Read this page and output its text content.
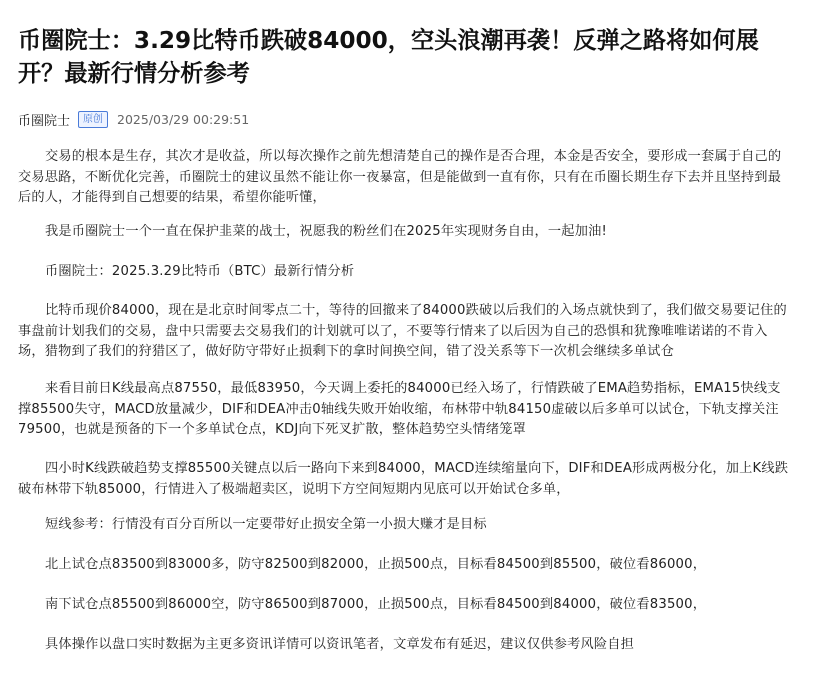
币圈院士：3.29比特币跌破84000，空头浪潮再袭！反弹之路将如何展开？最新行情分析参考
币圈院士	原创	2025/03/29 00:29:51

交易的根本是生存，其次才是收益，所以每次操作之前先想清楚自己的操作是否合理，本金是否安全，要形成一套属于自己的交易思路，不断优化完善，币圈院士的建议虽然不能让你一夜暴富，但是能做到一直有你，只有在币圈长期生存下去并且坚持到最后的人，才能得到自己想要的结果，希望你能听懂，

我是币圈院士一个一直在保护韭菜的战士，祝愿我的粉丝们在2025年实现财务自由，一起加油!

币圈院士：2025.3.29比特币（BTC）最新行情分析

比特币现价84000，现在是北京时间零点二十，等待的回撤来了84000跌破以后我们的入场点就快到了，我们做交易要记住的事盘前计划我们的交易，盘中只需要去交易我们的计划就可以了，不要等行情来了以后因为自己的恐惧和犹豫唯唯诺诺的不肯入场，猎物到了我们的狩猎区了，做好防守带好止损剩下的拿时间换空间，错了没关系等下一次机会继续多单试仓

来看目前日K线最高点87550，最低83950，今天调上委托的84000已经入场了，行情跌破了EMA趋势指标，EMA15快线支撑85500失守，MACD放量减少，DIF和DEA冲击0轴线失败开始收缩，布林带中轨84150虚破以后多单可以试仓，下轨支撑关注79500，也就是预备的下一个多单试仓点，KDJ向下死叉扩散，整体趋势空头情绪笼罩

四小时K线跌破趋势支撑85500关键点以后一路向下来到84000，MACD连续缩量向下，DIF和DEA形成两极分化，加上K线跌破布林带下轨85000，行情进入了极端超卖区，说明下方空间短期内见底可以开始试仓多单，

短线参考：行情没有百分百所以一定要带好止损安全第一小损大赚才是目标

北上试仓点83500到83000多，防守82500到82000，止损500点，目标看84500到85500，破位看86000，

南下试仓点85500到86000空，防守86500到87000，止损500点，目标看84500到84000，破位看83500，

具体操作以盘口实时数据为主更多资讯详情可以资讯笔者，文章发布有延迟，建议仅供参考风险自担
